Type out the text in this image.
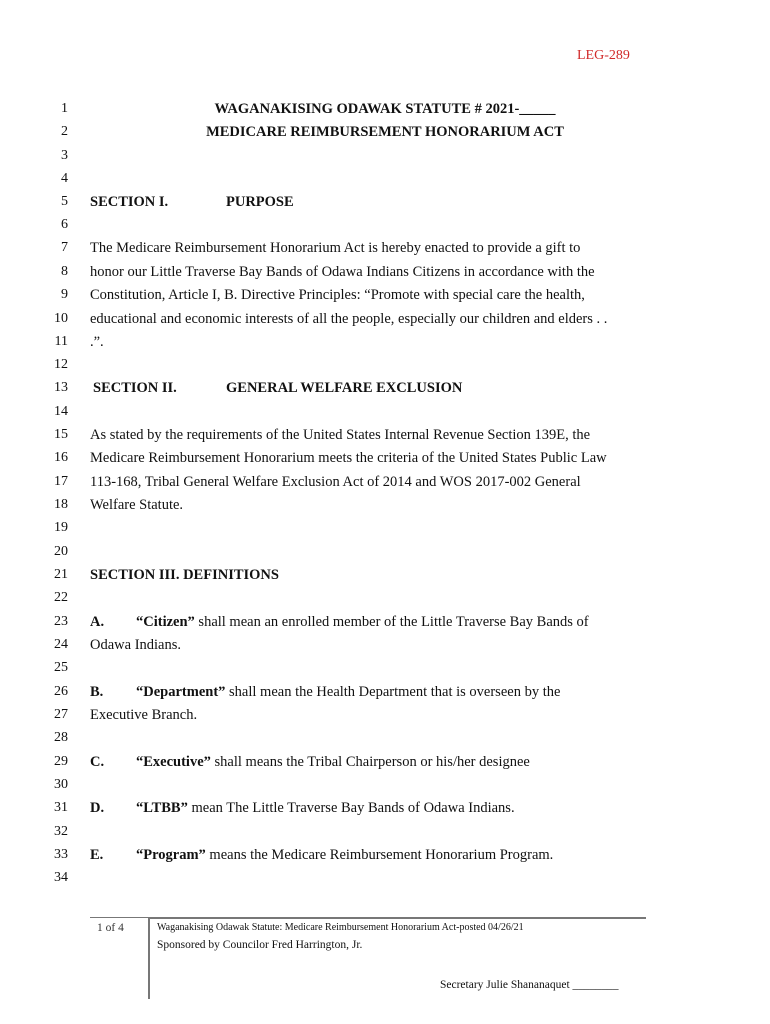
LEG-289
1
2
3
4
5
6
7
8
9
10
11
12
13
14
15
16
17
18
19
20
21
22
23
24
25
26
27
28
29
30
31
32
33
34
WAGANAKISING ODAWAK STATUTE # 2021-_____
MEDICARE REIMBURSEMENT HONORARIUM ACT
SECTION I.	PURPOSE
The Medicare Reimbursement Honorarium Act is hereby enacted to provide a gift to
honor our Little Traverse Bay Bands of Odawa Indians Citizens in accordance with the
Constitution, Article I, B. Directive Principles: “Promote with special care the health,
educational and economic interests of all the people, especially our children and elders . .
.”.
SECTION II.	GENERAL WELFARE EXCLUSION
As stated by the requirements of the United States Internal Revenue Section 139E, the
Medicare Reimbursement Honorarium meets the criteria of the United States Public Law
113-168, Tribal General Welfare Exclusion Act of 2014 and WOS 2017-002 General
Welfare Statute.
SECTION III. DEFINITIONS
A. “Citizen” shall mean an enrolled member of the Little Traverse Bay Bands of
Odawa Indians.
B. “Department” shall mean the Health Department that is overseen by the
Executive Branch.
C. “Executive” shall means the Tribal Chairperson or his/her designee
D. “LTBB” mean The Little Traverse Bay Bands of Odawa Indians.
E. “Program” means the Medicare Reimbursement Honorarium Program.
1 of 4	Waganakising Odawak Statute: Medicare Reimbursement Honorarium Act-posted 04/26/21
Sponsored by Councilor Fred Harrington, Jr.
Secretary Julie Shananaquet ________
